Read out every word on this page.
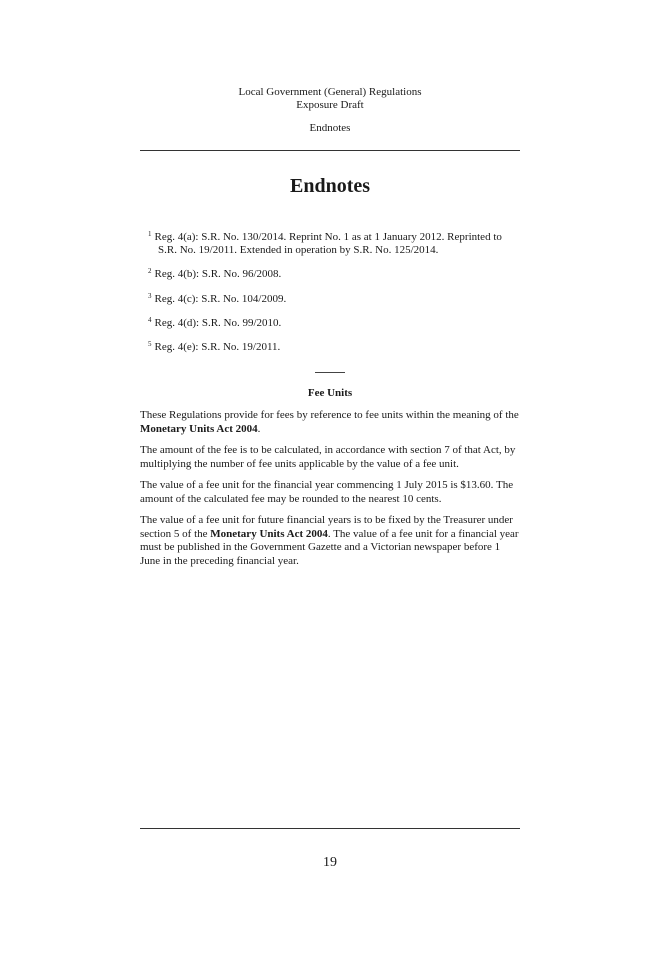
Local Government (General) Regulations
Exposure Draft
Endnotes
Endnotes

$^1$ Reg. 4(a): S.R. No. 130/2014. Reprint No. 1 as at 1 January 2012. Reprinted to S.R. No. 19/2011. Extended in operation by S.R. No. 125/2014.

$^2$ Reg. 4(b): S.R. No. 96/2008.

$^3$ Reg. 4(c): S.R. No. 104/2009.

$^4$ Reg. 4(d): S.R. No. 99/2010.

$^5$ Reg. 4(e): S.R. No. 19/2011.

Fee Units

These Regulations provide for fees by reference to fee units within the meaning of the Monetary Units Act 2004.

The amount of the fee is to be calculated, in accordance with section 7 of that Act, by multiplying the number of fee units applicable by the value of a fee unit.

The value of a fee unit for the financial year commencing 1 July 2015 is $13.60. The amount of the calculated fee may be rounded to the nearest 10 cents.

The value of a fee unit for future financial years is to be fixed by the Treasurer under section 5 of the Monetary Units Act 2004. The value of a fee unit for a financial year must be published in the Government Gazette and a Victorian newspaper before 1 June in the preceding financial year.

19
